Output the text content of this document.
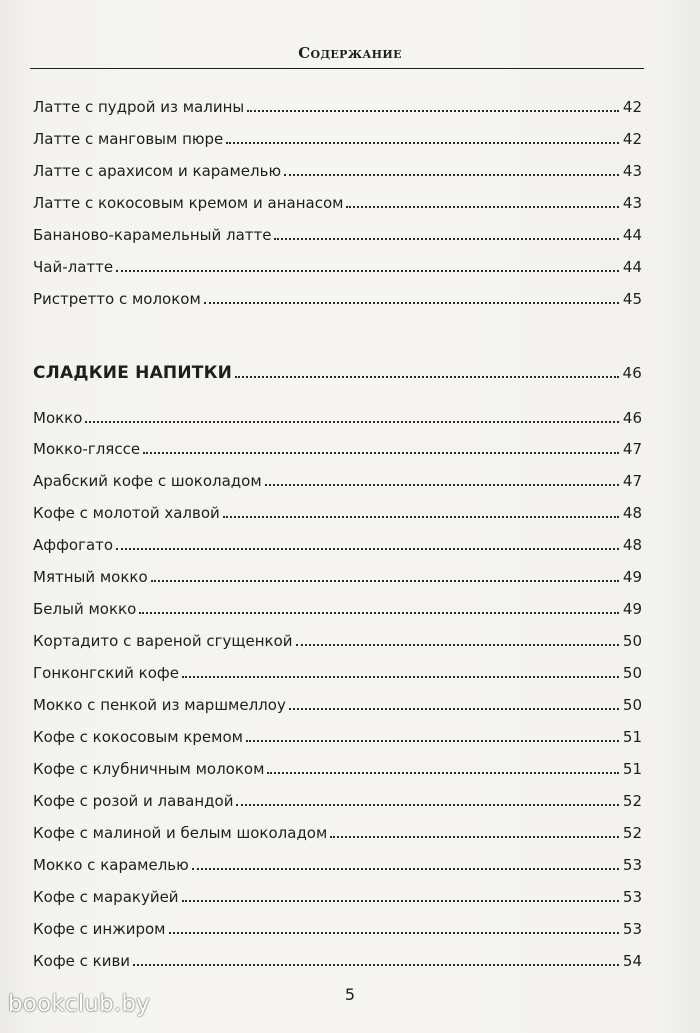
Содержание
Латте с пудрой из малины	42
Латте с манговым пюре	42
Латте с арахисом и карамелью	43
Латте с кокосовым кремом и ананасом	43
Бананово-карамельный латте	44
Чай-латте	44
Ристретто с молоком	45
СЛАДКИЕ НАПИТКИ	46
Мокко	46
Мокко-гляссе	47
Арабский кофе с шоколадом	47
Кофе с молотой халвой	48
Аффогато	48
Мятный мокко	49
Белый мокко	49
Кортадито с вареной сгущенкой	50
Гонконгский кофе	50
Мокко с пенкой из маршмеллоу	50
Кофе с кокосовым кремом	51
Кофе с клубничным молоком	51
Кофе с розой и лавандой	52
Кофе с малиной и белым шоколадом	52
Мокко с карамелью	53
Кофе с маракуйей	53
Кофе с инжиром	53
Кофе с киви	54
5
bookclub.by
